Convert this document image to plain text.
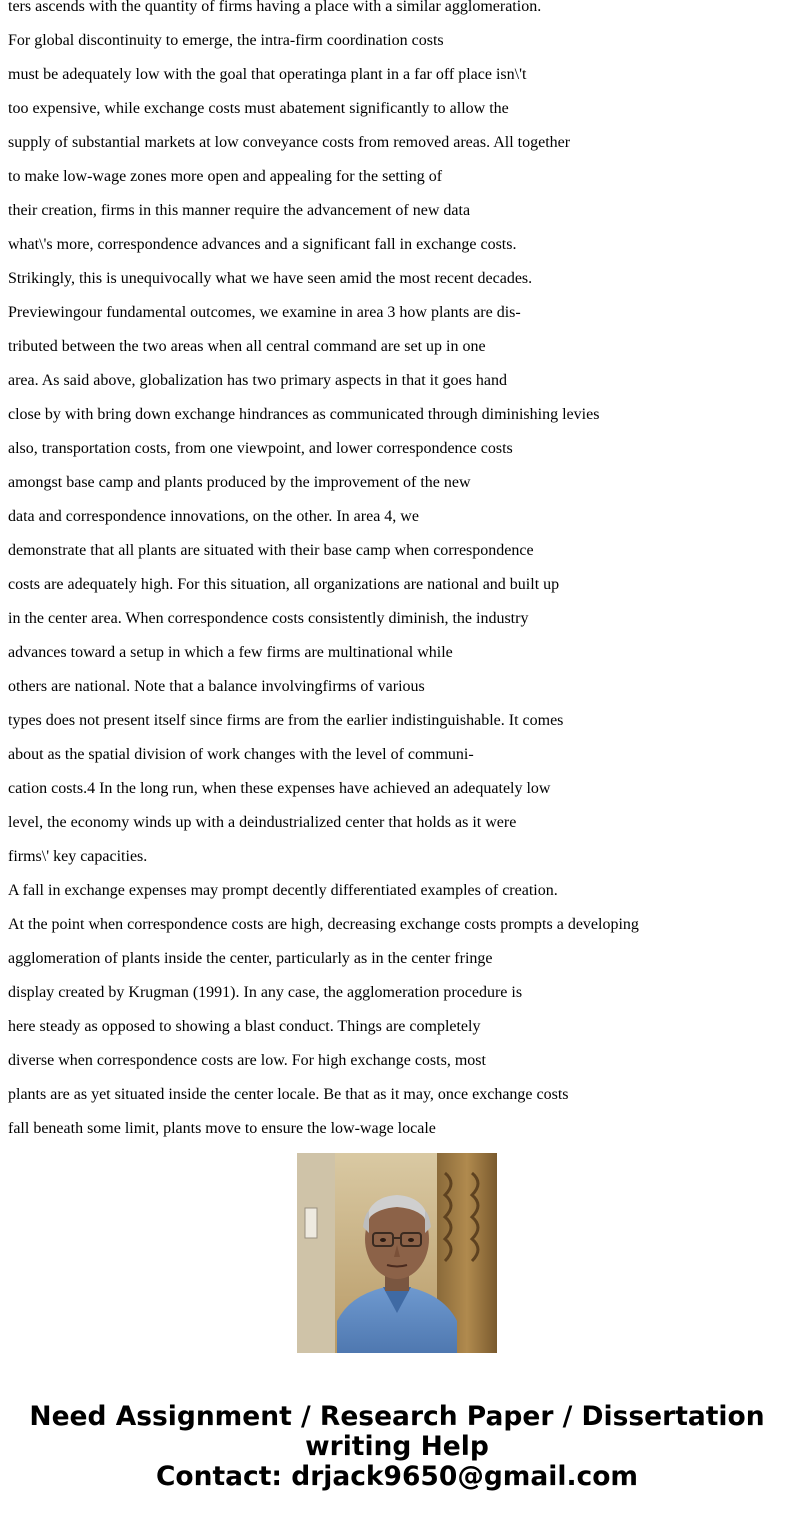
ters ascends with the quantity of firms having a place with a similar agglomeration.
For global discontinuity to emerge, the intra-firm coordination costs
must be adequately low with the goal that operatinga plant in a far off place isn\'t
too expensive, while exchange costs must abatement significantly to allow the
supply of substantial markets at low conveyance costs from removed areas. All together
to make low-wage zones more open and appealing for the setting of
their creation, firms in this manner require the advancement of new data
what\'s more, correspondence advances and a significant fall in exchange costs.
Strikingly, this is unequivocally what we have seen amid the most recent decades.
Previewingour fundamental outcomes, we examine in area 3 how plants are dis-
tributed between the two areas when all central command are set up in one
area. As said above, globalization has two primary aspects in that it goes hand
close by with bring down exchange hindrances as communicated through diminishing levies
also, transportation costs, from one viewpoint, and lower correspondence costs
amongst base camp and plants produced by the improvement of the new
data and correspondence innovations, on the other. In area 4, we
demonstrate that all plants are situated with their base camp when correspondence
costs are adequately high. For this situation, all organizations are national and built up
in the center area. When correspondence costs consistently diminish, the industry
advances toward a setup in which a few firms are multinational while
others are national. Note that a balance involvingfirms of various
types does not present itself since firms are from the earlier indistinguishable. It comes
about as the spatial division of work changes with the level of communi-
cation costs.4 In the long run, when these expenses have achieved an adequately low
level, the economy winds up with a deindustrialized center that holds as it were
firms\' key capacities.
A fall in exchange expenses may prompt decently differentiated examples of creation.
At the point when correspondence costs are high, decreasing exchange costs prompts a developing
agglomeration of plants inside the center, particularly as in the center fringe
display created by Krugman (1991). In any case, the agglomeration procedure is
here steady as opposed to showing a blast conduct. Things are completely
diverse when correspondence costs are low. For high exchange costs, most
plants are as yet situated inside the center locale. Be that as it may, once exchange costs
fall beneath some limit, plants move to ensure the low-wage locale
Need Assignment / Research Paper / Dissertation
writing Help
Contact: drjack9650@gmail.com
